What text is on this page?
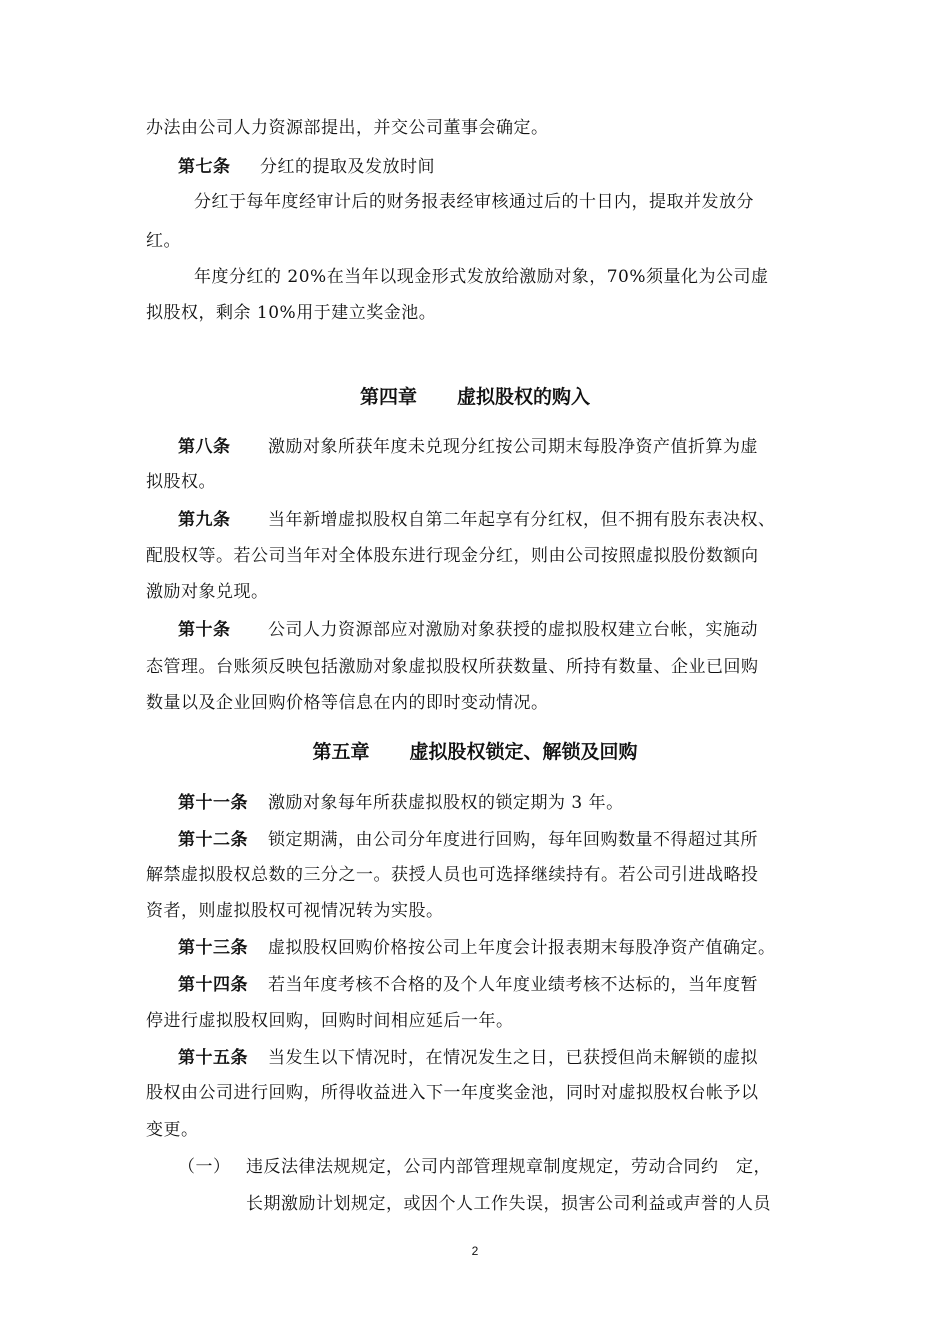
办法由公司人力资源部提出，并交公司董事会确定。
第七条 分红的提取及发放时间
分红于每年度经审计后的财务报表经审核通过后的十日内，提取并发放分
红。
年度分红的 20%在当年以现金形式发放给激励对象，70%须量化为公司虚
拟股权，剩余 10%用于建立奖金池。
第四章 虚拟股权的购入
第八条 激励对象所获年度未兑现分红按公司期末每股净资产值折算为虚
拟股权。
第九条 当年新增虚拟股权自第二年起享有分红权，但不拥有股东表决权、
配股权等。若公司当年对全体股东进行现金分红，则由公司按照虚拟股份数额向
激励对象兑现。
第十条 公司人力资源部应对激励对象获授的虚拟股权建立台帐，实施动
态管理。台账须反映包括激励对象虚拟股权所获数量、所持有数量、企业已回购
数量以及企业回购价格等信息在内的即时变动情况。
第五章 虚拟股权锁定、解锁及回购
第十一条 激励对象每年所获虚拟股权的锁定期为 3 年。
第十二条 锁定期满，由公司分年度进行回购，每年回购数量不得超过其所
解禁虚拟股权总数的三分之一。获授人员也可选择继续持有。若公司引进战略投
资者，则虚拟股权可视情况转为实股。
第十三条 虚拟股权回购价格按公司上年度会计报表期末每股净资产值确定。
第十四条 若当年度考核不合格的及个人年度业绩考核不达标的，当年度暂
停进行虚拟股权回购，回购时间相应延后一年。
第十五条 当发生以下情况时，在情况发生之日，已获授但尚未解锁的虚拟
股权由公司进行回购，所得收益进入下一年度奖金池，同时对虚拟股权台帐予以
变更。
（一） 违反法律法规规定，公司内部管理规章制度规定，劳动合同约　定，
长期激励计划规定，或因个人工作失误，损害公司利益或声誉的人员
2
